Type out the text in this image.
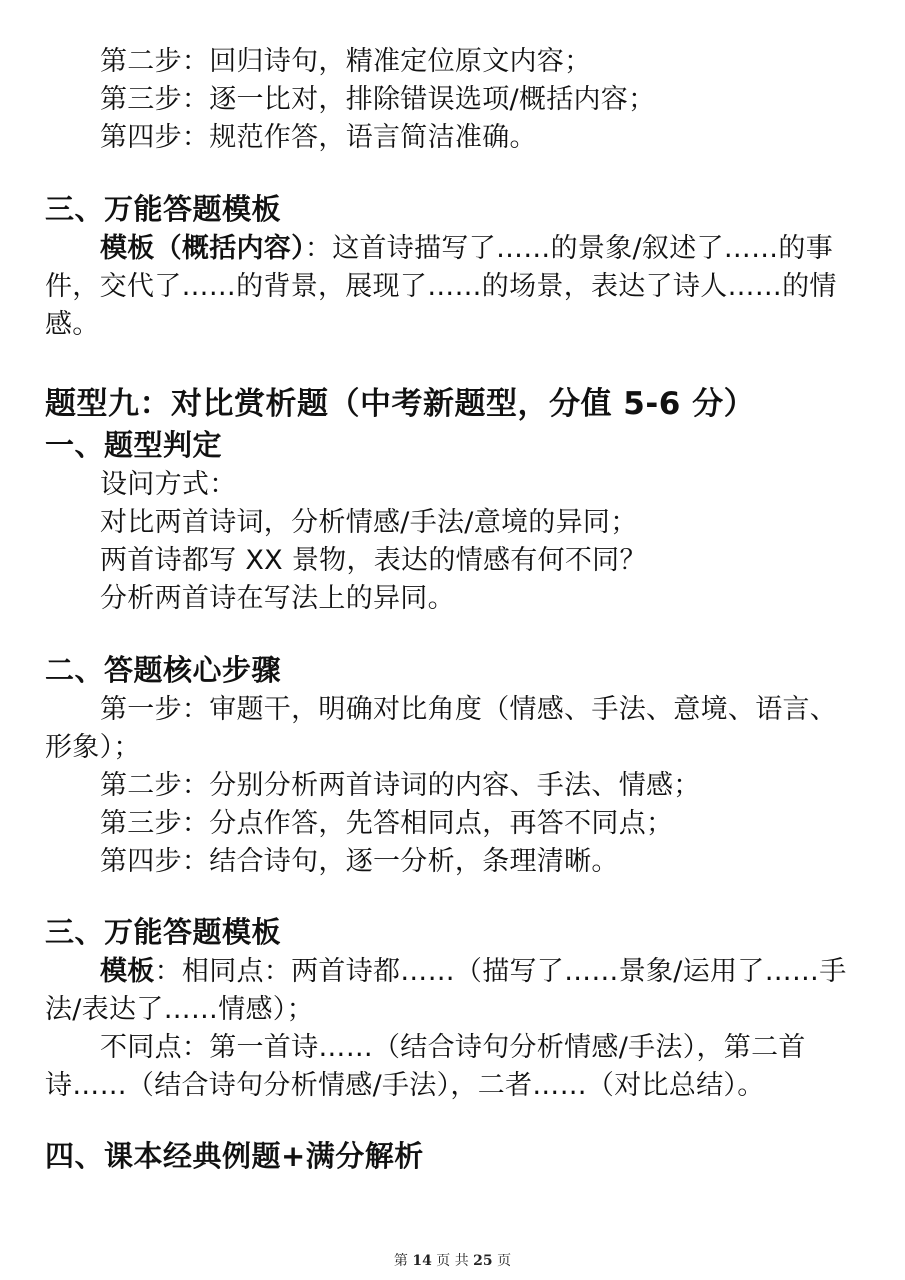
第二步：回归诗句，精准定位原文内容；
第三步：逐一比对，排除错误选项/概括内容；
第四步：规范作答，语言简洁准确。
三、万能答题模板
模板（概括内容）：这首诗描写了……的景象/叙述了……的事
件，交代了……的背景，展现了……的场景，表达了诗人……的情
感。
题型九：对比赏析题（中考新题型，分值 5-6 分）
一、题型判定
设问方式：
对比两首诗词，分析情感/手法/意境的异同；
两首诗都写 XX 景物，表达的情感有何不同？
分析两首诗在写法上的异同。
二、答题核心步骤
第一步：审题干，明确对比角度（情感、手法、意境、语言、
形象）；
第二步：分别分析两首诗词的内容、手法、情感；
第三步：分点作答，先答相同点，再答不同点；
第四步：结合诗句，逐一分析，条理清晰。
三、万能答题模板
模板：相同点：两首诗都……（描写了……景象/运用了……手
法/表达了……情感）；
不同点：第一首诗……（结合诗句分析情感/手法），第二首
诗……（结合诗句分析情感/手法），二者……（对比总结）。
四、课本经典例题+满分解析
第 14 页 共 25 页
